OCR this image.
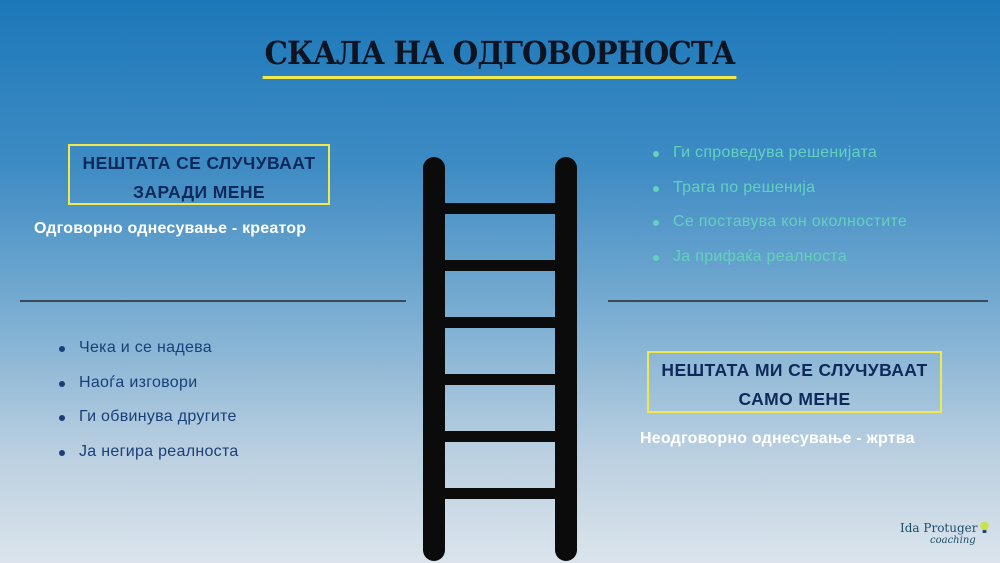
СКАЛА НА ОДГОВОРНОСТА
НЕШТАТА СЕ СЛУЧУВААТ
ЗАРАДИ МЕНЕ
Одговорно однесување - креатор
Ги спроведува решенијата
Трага по решенија
Се поставува кон околностите
Ја прифаќа реалноста
Чека и се надева
Наоѓа изговори
Ги обвинува другите
Ја негира реалноста
НЕШТАТА МИ СЕ СЛУЧУВААТ
САМО МЕНЕ
Неодговорно однесување - жртва
Ida Protuger
coaching
